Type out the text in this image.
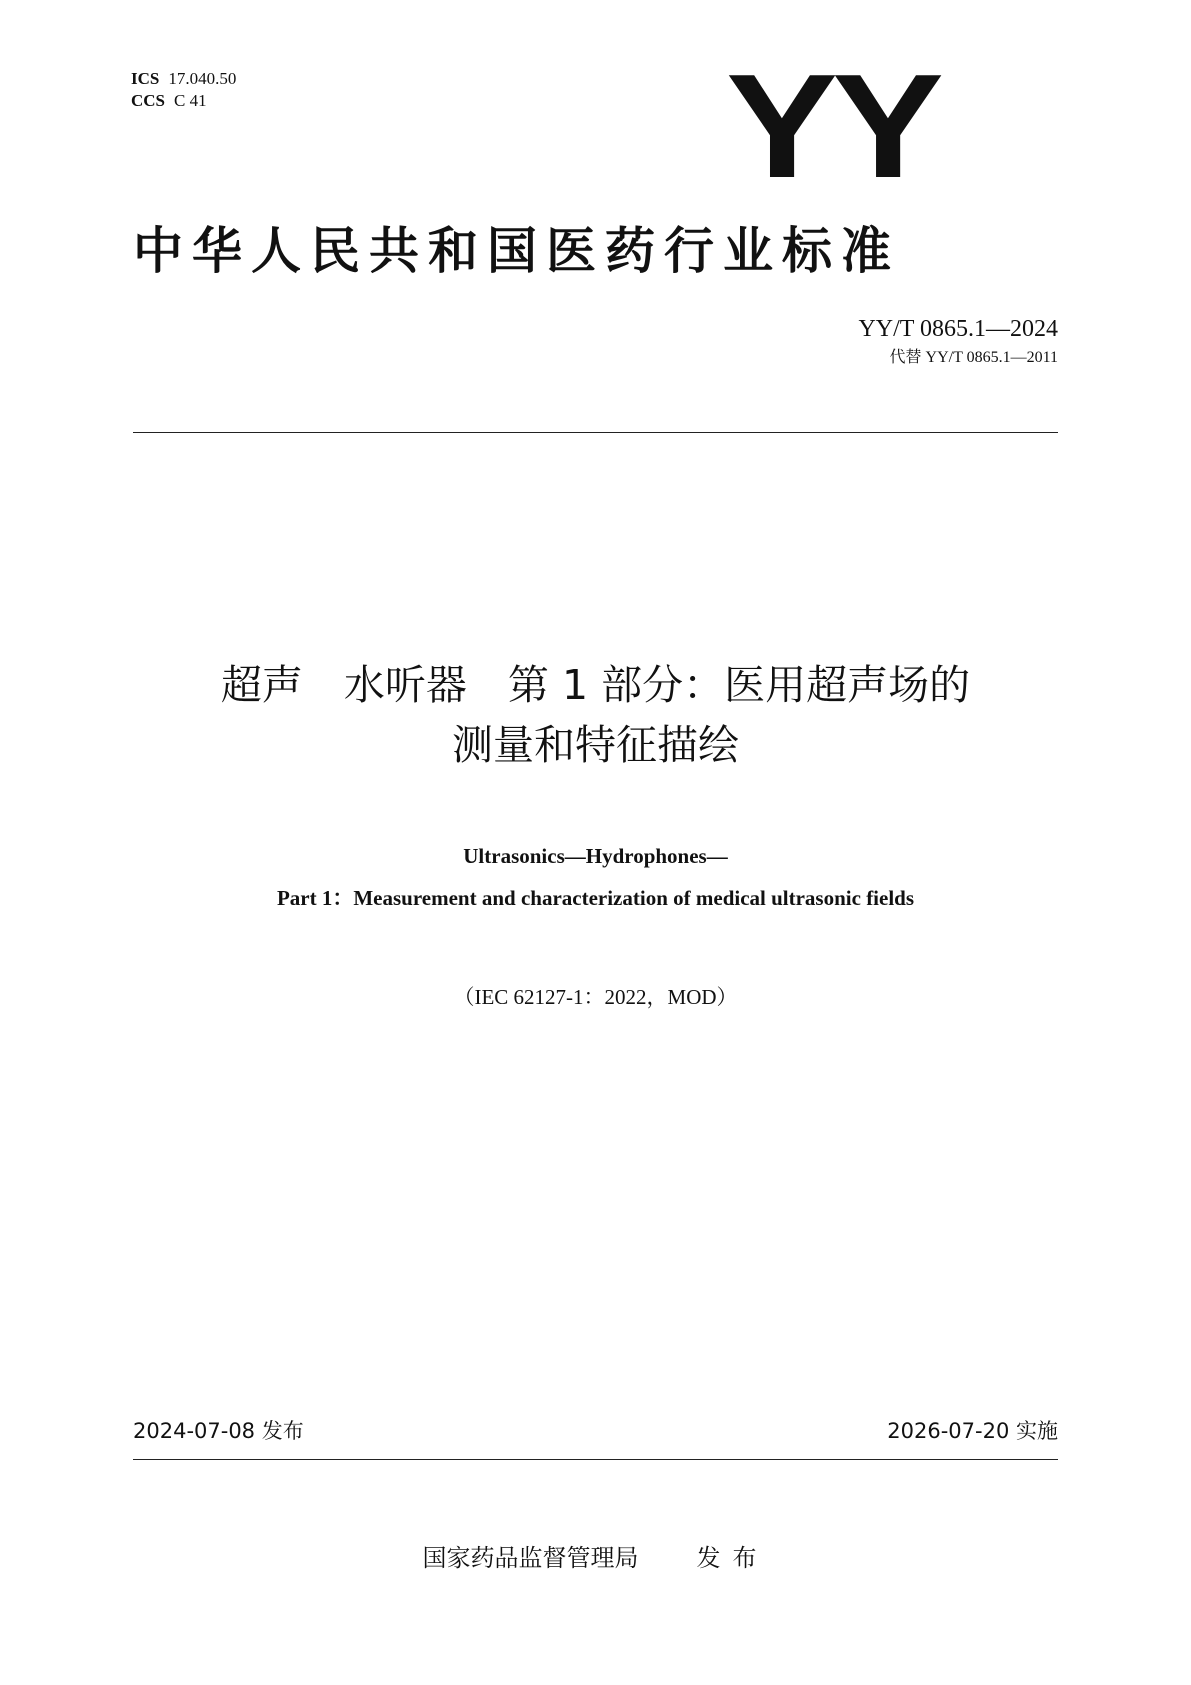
ICS 17.040.50
CCS C 41	YY
中华人民共和国医药行业标准
YY/T 0865.1—2024
代替 YY/T 0865.1—2011
超声　水听器　第 1 部分：医用超声场的
测量和特征描绘
Ultrasonics—Hydrophones—
Part 1：Measurement and characterization of medical ultrasonic fields
（IEC 62127-1：2022，MOD）
2024-07-08 发布	2026-07-20 实施
国家药品监督管理局 发布
